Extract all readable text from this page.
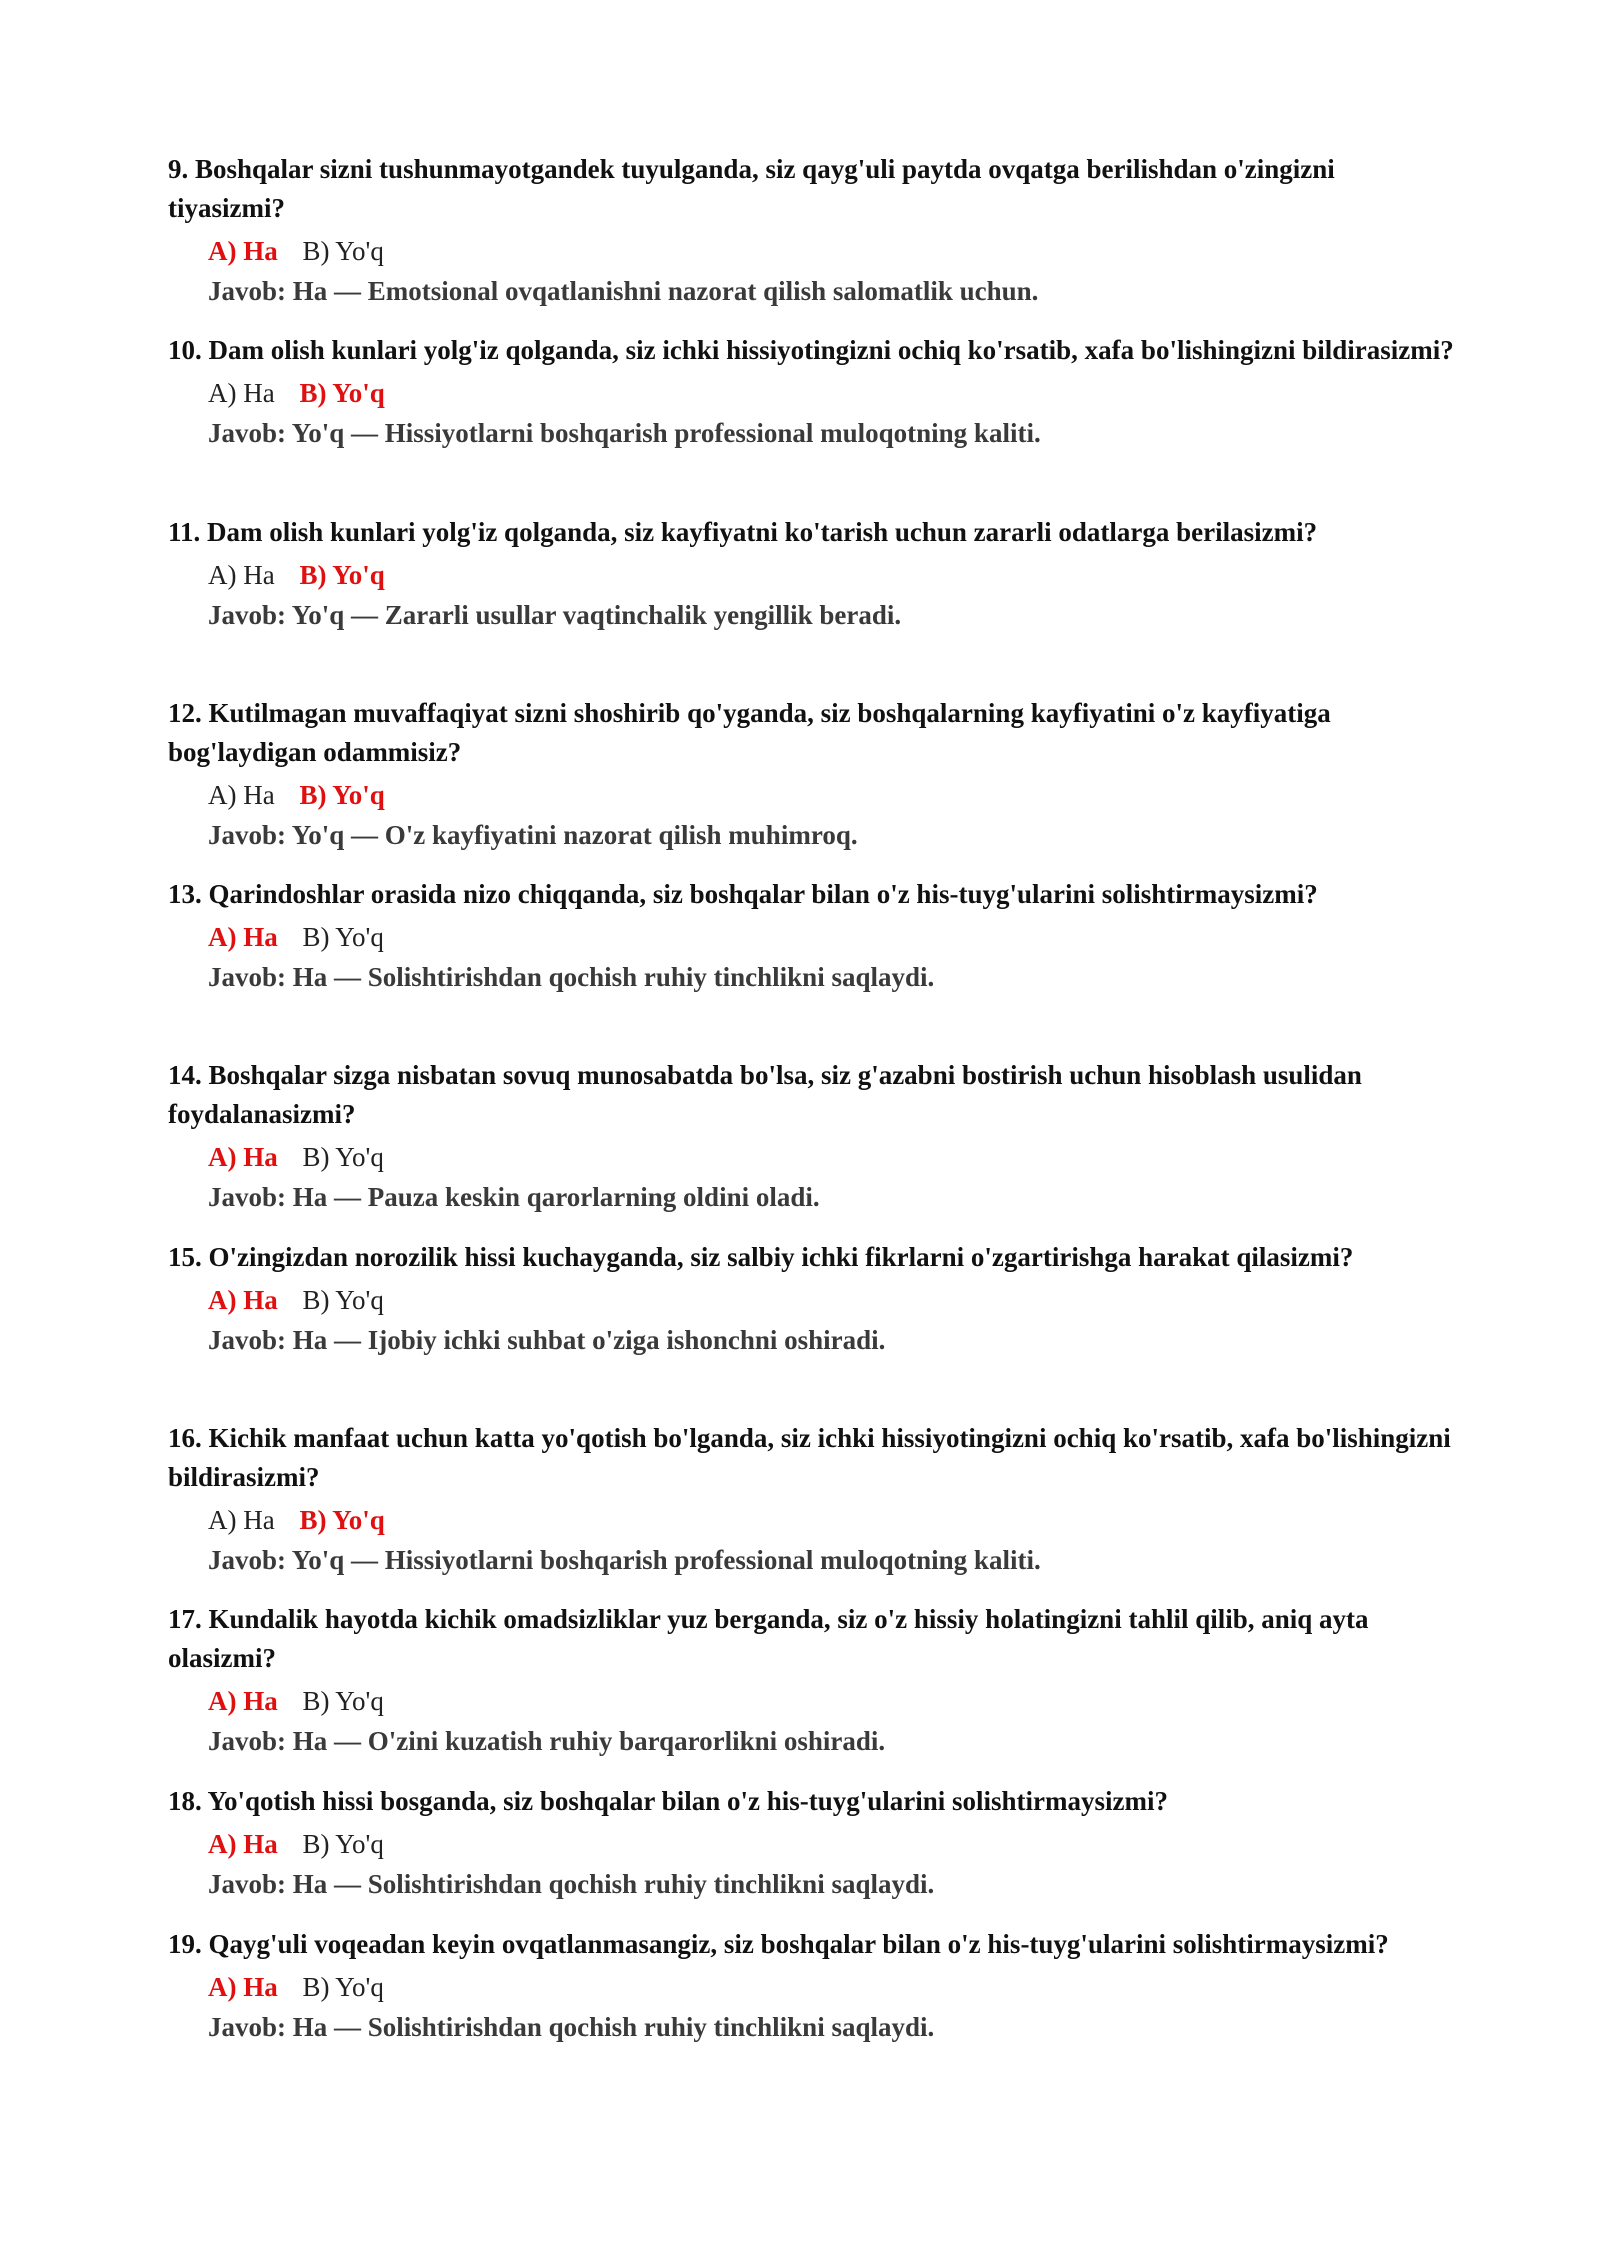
9. Boshqalar sizni tushunmayotgandek tuyulganda, siz qayg'uli paytda ovqatga berilishdan o'zingizni tiyasizmi?

A) Ha B) Yo'q
Javob: Ha — Emotsional ovqatlanishni nazorat qilish salomatlik uchun.

10. Dam olish kunlari yolg'iz qolganda, siz ichki hissiyotingizni ochiq ko'rsatib, xafa bo'lishingizni bildirasizmi?

A) Ha B) Yo'q
Javob: Yo'q — Hissiyotlarni boshqarish professional muloqotning kaliti.

11. Dam olish kunlari yolg'iz qolganda, siz kayfiyatni ko'tarish uchun zararli odatlarga berilasizmi?

A) Ha B) Yo'q
Javob: Yo'q — Zararli usullar vaqtinchalik yengillik beradi.

12. Kutilmagan muvaffaqiyat sizni shoshirib qo'yganda, siz boshqalarning kayfiyatini o'z kayfiyatiga bog'laydigan odammisiz?

A) Ha B) Yo'q
Javob: Yo'q — O'z kayfiyatini nazorat qilish muhimroq.

13. Qarindoshlar orasida nizo chiqqanda, siz boshqalar bilan o'z his-tuyg'ularini solishtirmaysizmi?

A) Ha B) Yo'q
Javob: Ha — Solishtirishdan qochish ruhiy tinchlikni saqlaydi.

14. Boshqalar sizga nisbatan sovuq munosabatda bo'lsa, siz g'azabni bostirish uchun hisoblash usulidan foydalanasizmi?

A) Ha B) Yo'q
Javob: Ha — Pauza keskin qarorlarning oldini oladi.

15. O'zingizdan norozilik hissi kuchayganda, siz salbiy ichki fikrlarni o'zgartirishga harakat qilasizmi?

A) Ha B) Yo'q
Javob: Ha — Ijobiy ichki suhbat o'ziga ishonchni oshiradi.

16. Kichik manfaat uchun katta yo'qotish bo'lganda, siz ichki hissiyotingizni ochiq ko'rsatib, xafa bo'lishingizni bildirasizmi?

A) Ha B) Yo'q
Javob: Yo'q — Hissiyotlarni boshqarish professional muloqotning kaliti.

17. Kundalik hayotda kichik omadsizliklar yuz berganda, siz o'z hissiy holatingizni tahlil qilib, aniq ayta olasizmi?

A) Ha B) Yo'q
Javob: Ha — O'zini kuzatish ruhiy barqarorlikni oshiradi.

18. Yo'qotish hissi bosganda, siz boshqalar bilan o'z his-tuyg'ularini solishtirmaysizmi?

A) Ha B) Yo'q
Javob: Ha — Solishtirishdan qochish ruhiy tinchlikni saqlaydi.

19. Qayg'uli voqeadan keyin ovqatlanmasangiz, siz boshqalar bilan o'z his-tuyg'ularini solishtirmaysizmi?

A) Ha B) Yo'q
Javob: Ha — Solishtirishdan qochish ruhiy tinchlikni saqlaydi.
